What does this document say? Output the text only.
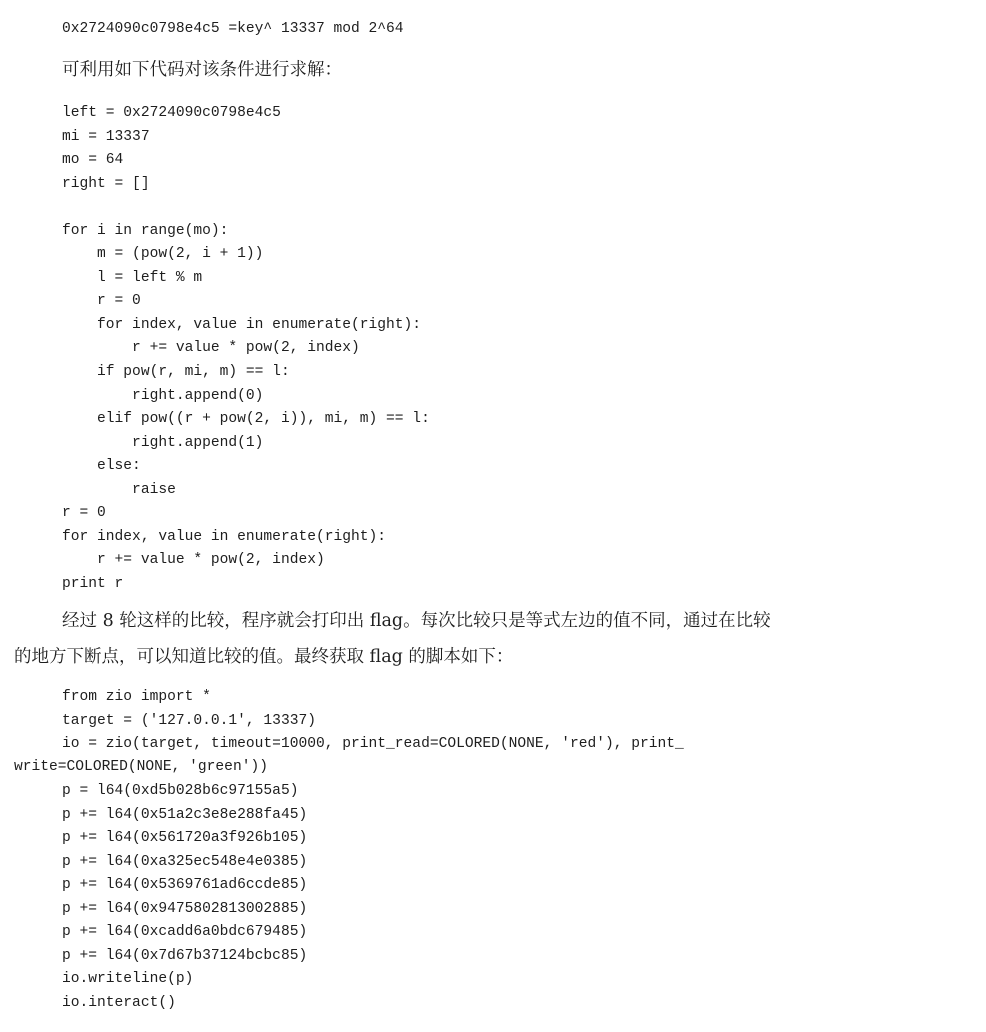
0x2724090c0798e4c5 =key^ 13337 mod 2^64

可利用如下代码对该条件进行求解：

left = 0x2724090c0798e4c5
mi = 13337
mo = 64
right = []

for i in range(mo):
m = (pow(2, i + 1))
l = left % m
r = 0
for index, value in enumerate(right):
r += value * pow(2, index)
if pow(r, mi, m) == l:
right.append(0)
elif pow((r + pow(2, i)), mi, m) == l:
right.append(1)
else:
raise
r = 0
for index, value in enumerate(right):
r += value * pow(2, index)
print r

经过 8 轮这样的比较，程序就会打印出 flag。每次比较只是等式左边的值不同，通过在比较

的地方下断点，可以知道比较的值。最终获取 flag 的脚本如下：

from zio import *
target = ('127.0.0.1', 13337)
io = zio(target, timeout=10000, print_read=COLORED(NONE, 'red'), print_
write=COLORED(NONE, 'green'))
p = l64(0xd5b028b6c97155a5)
p += l64(0x51a2c3e8e288fa45)
p += l64(0x561720a3f926b105)
p += l64(0xa325ec548e4e0385)
p += l64(0x5369761ad6ccde85)
p += l64(0x9475802813002885)
p += l64(0xcadd6a0bdc679485)
p += l64(0x7d67b37124bcbc85)
io.writeline(p)
io.interact()
